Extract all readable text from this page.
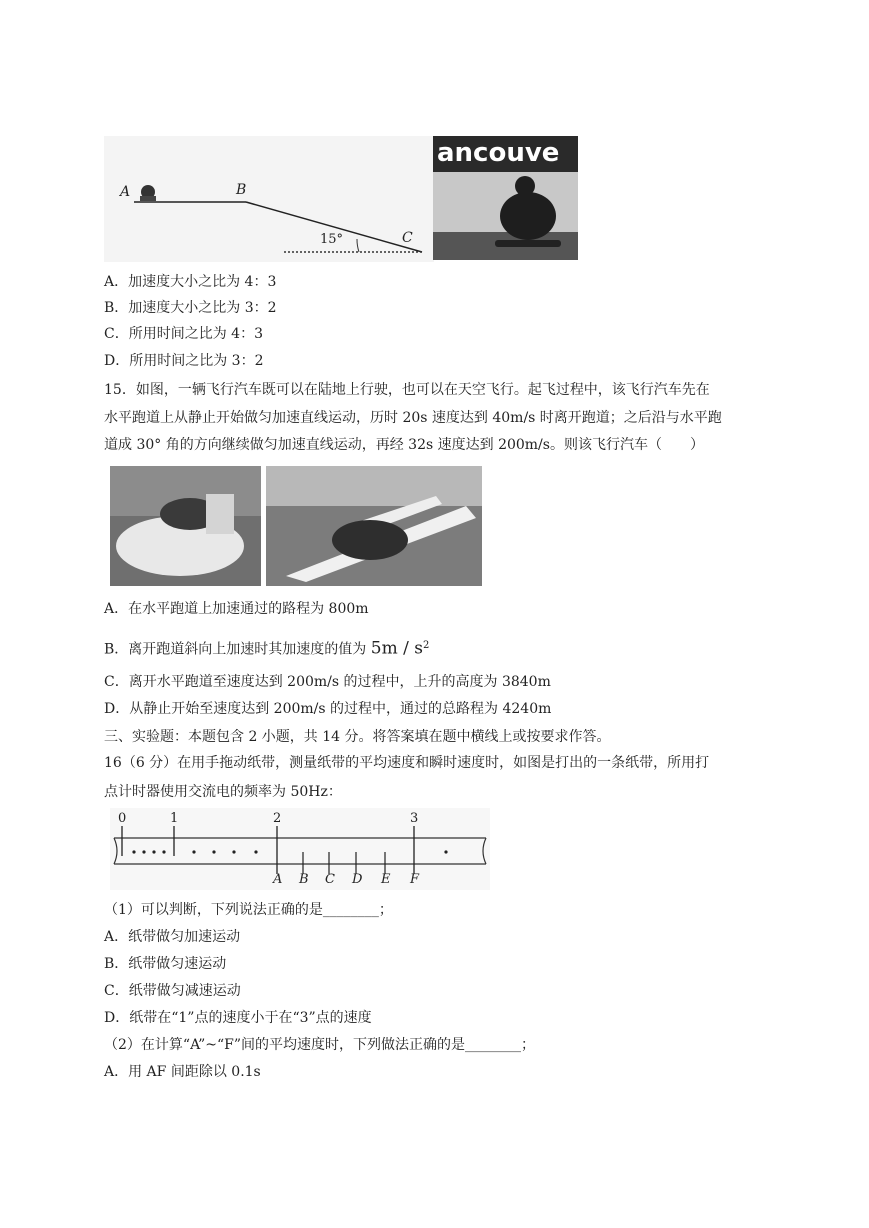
A	B
15°	C
ancouve
A．加速度大小之比为 4：3
B．加速度大小之比为 3：2
C．所用时间之比为 4：3
D．所用时间之比为 3：2
15．如图，一辆飞行汽车既可以在陆地上行驶，也可以在天空飞行。起飞过程中，该飞行汽车先在
水平跑道上从静止开始做匀加速直线运动，历时 20s 速度达到 40m/s 时离开跑道；之后沿与水平跑
道成 30° 角的方向继续做匀加速直线运动，再经 32s 速度达到 200m/s。则该飞行汽车（　　）
A．在水平跑道上加速通过的路程为 800m
B．离开跑道斜向上加速时其加速度的值为 $5m / s^2$
C．离开水平跑道至速度达到 200m/s 的过程中，上升的高度为 3840m
D．从静止开始至速度达到 200m/s 的过程中，通过的总路程为 4240m
三、实验题：本题包含 2 小题，共 14 分。将答案填在题中横线上或按要求作答。
16（6 分）在用手拖动纸带，测量纸带的平均速度和瞬时速度时，如图是打出的一条纸带，所用打
点计时器使用交流电的频率为 50Hz：
0	1	2	3
A B C D E F
（1）可以判断，下列说法正确的是________；
A．纸带做匀加速运动
B．纸带做匀速运动
C．纸带做匀减速运动
D．纸带在“1”点的速度小于在“3”点的速度
（2）在计算“A”~“F”间的平均速度时，下列做法正确的是________；
A．用 AF 间距除以 0.1s
